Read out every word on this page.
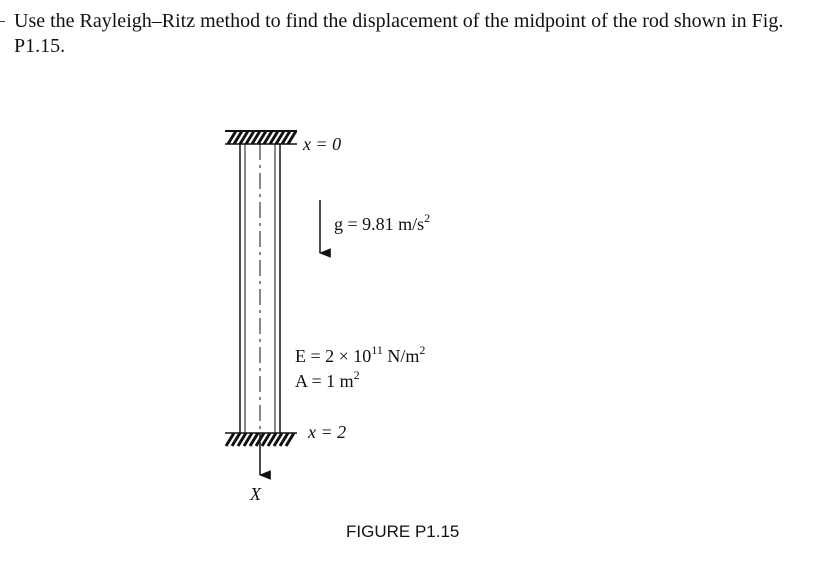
Use the Rayleigh–Ritz method to find the displacement of the midpoint of the rod shown in Fig. P1.15.

X
x = 0
g = 9.81 $m/s^2$
$E = 2 \times 10^{11}$ $N/m^2$
A = 1 $m^2$
x = 2
FIGURE P1.15
